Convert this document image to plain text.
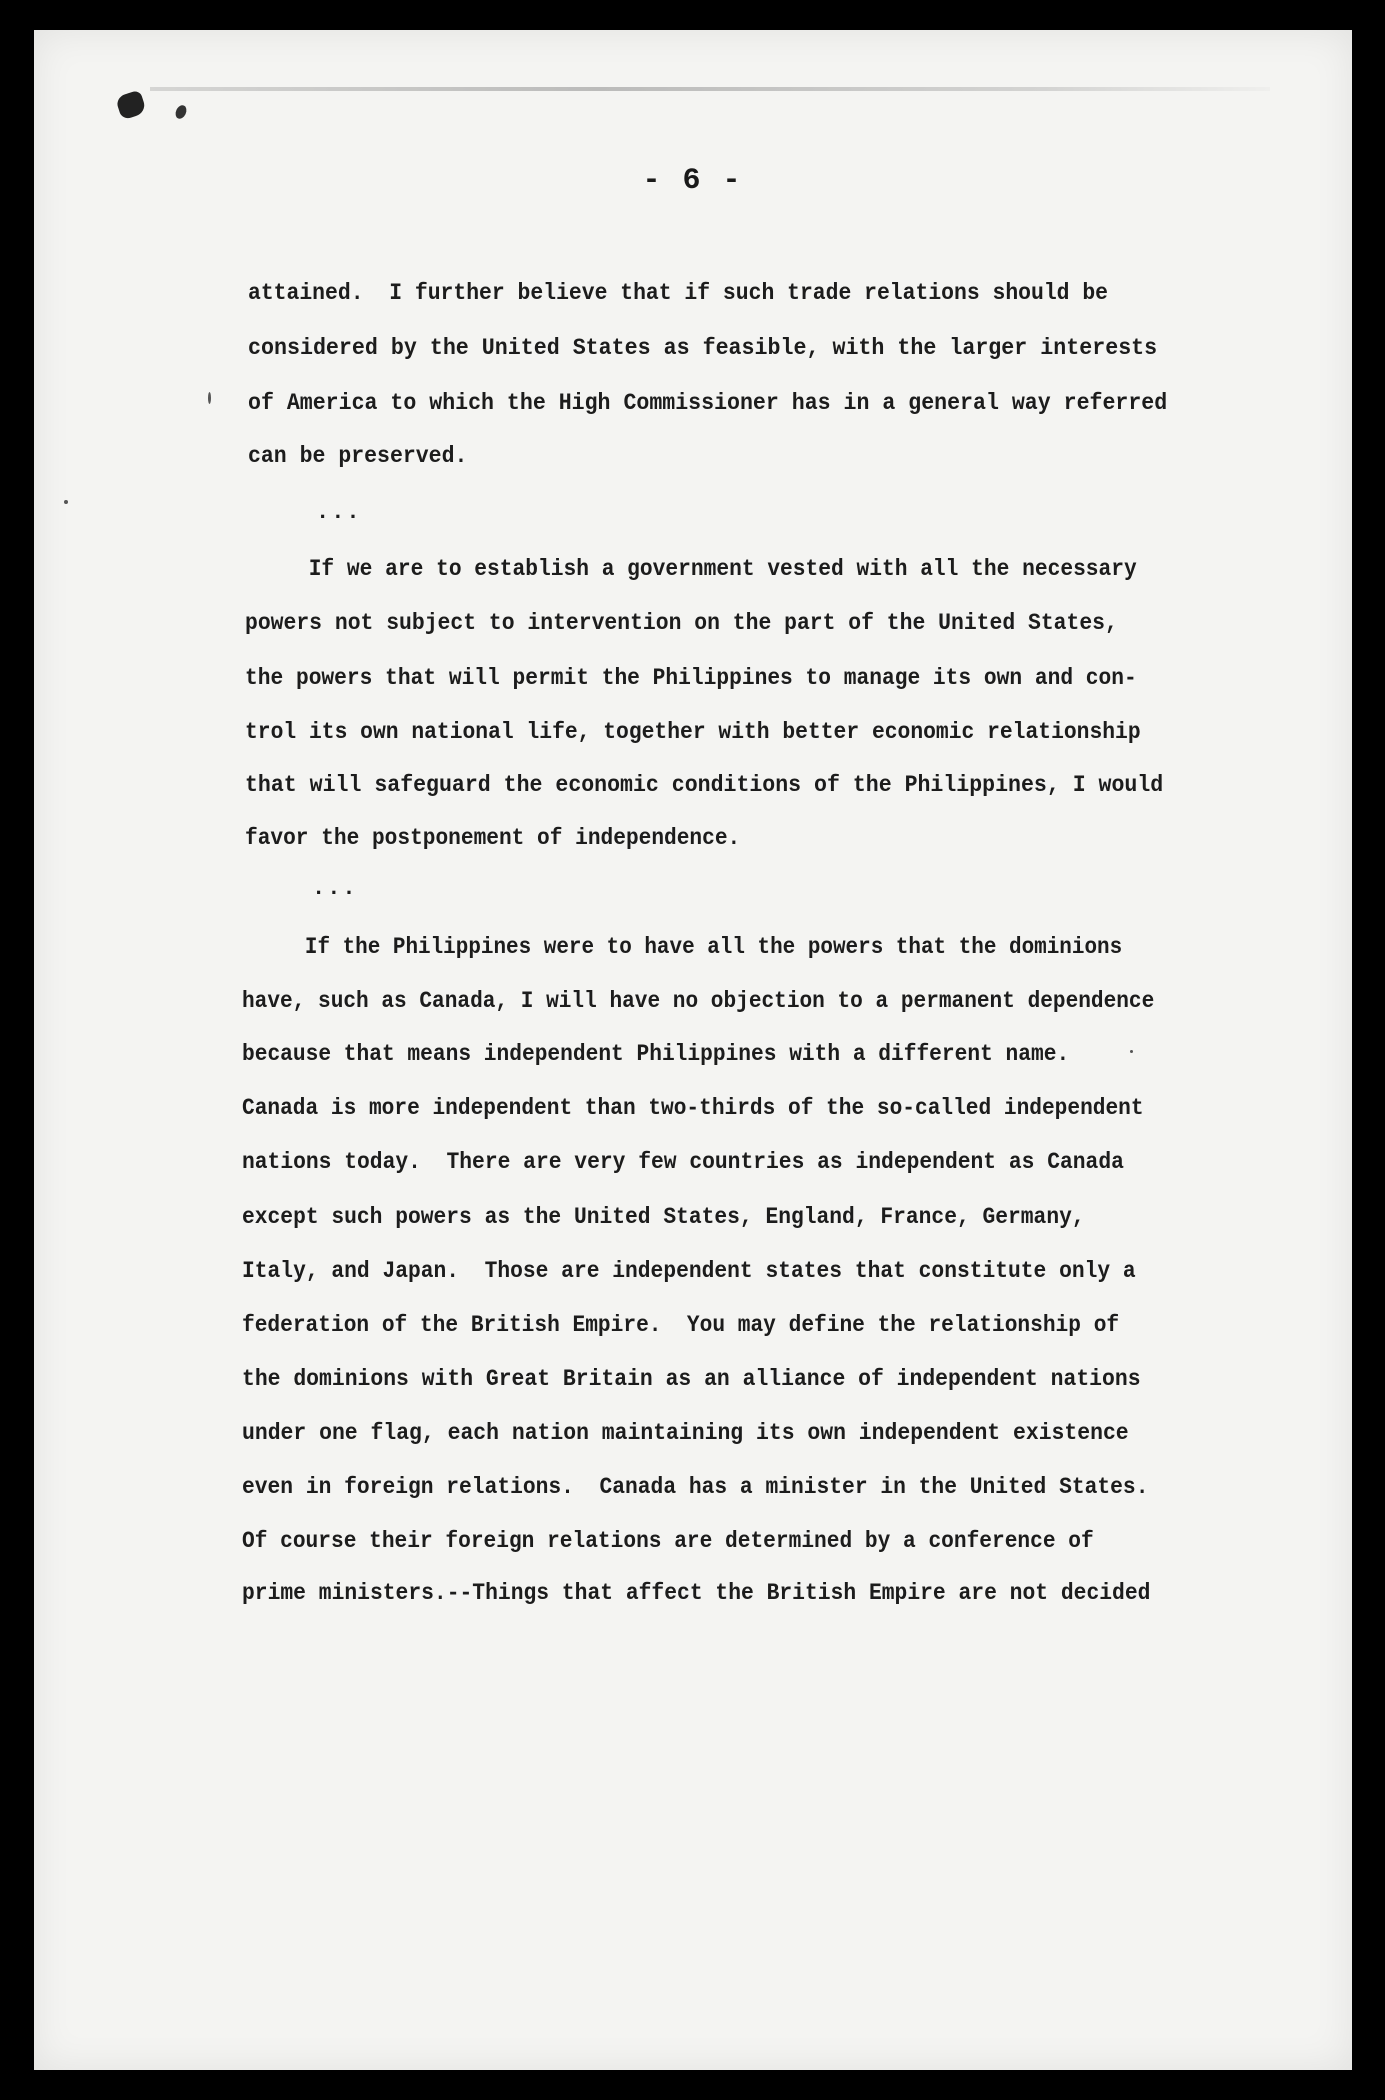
- 6 -

attained.  I further believe that if such trade relations should be

considered by the United States as feasible, with the larger interests

of America to which the High Commissioner has in a general way referred

can be preserved.

...

If we are to establish a government vested with all the necessary

powers not subject to intervention on the part of the United States,

the powers that will permit the Philippines to manage its own and con-

trol its own national life, together with better economic relationship

that will safeguard the economic conditions of the Philippines, I would

favor the postponement of independence.

...

If the Philippines were to have all the powers that the dominions

have, such as Canada, I will have no objection to a permanent dependence

because that means independent Philippines with a different name.

Canada is more independent than two-thirds of the so-called independent

nations today.  There are very few countries as independent as Canada

except such powers as the United States, England, France, Germany,

Italy, and Japan.  Those are independent states that constitute only a

federation of the British Empire.  You may define the relationship of

the dominions with Great Britain as an alliance of independent nations

under one flag, each nation maintaining its own independent existence

even in foreign relations.  Canada has a minister in the United States.

Of course their foreign relations are determined by a conference of

prime ministers.--Things that affect the British Empire are not decided
